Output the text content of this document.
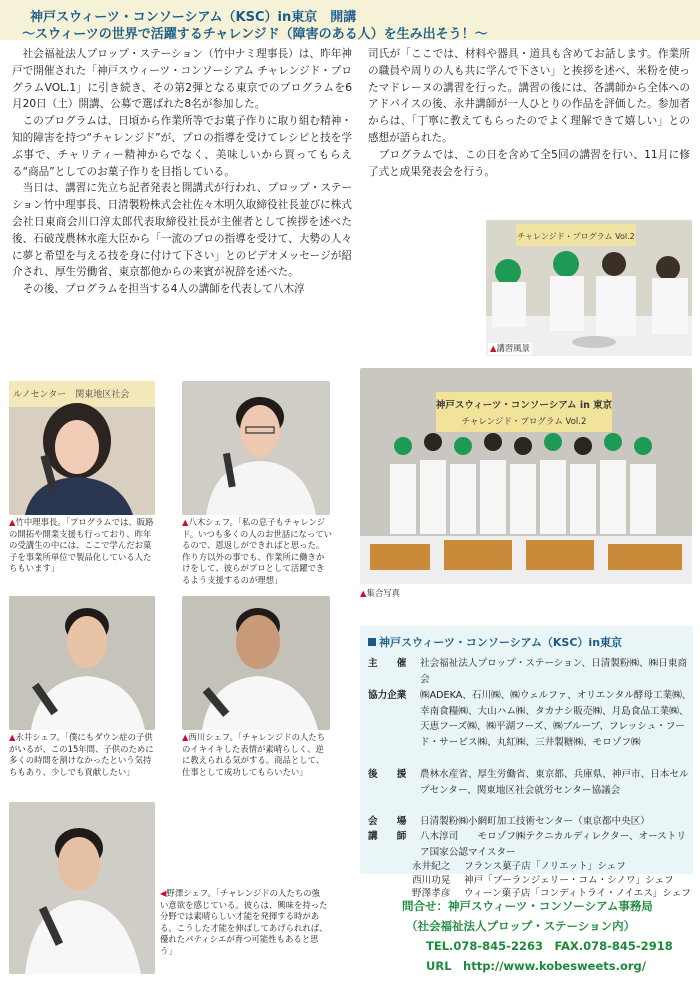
神戸スウィーツ・コンソーシアム（KSC）in東京　開講
～スウィーツの世界で活躍するチャレンジド（障害のある人）を生み出そう！～

　社会福祉法人プロップ・ステーション（竹中ナミ理事長）は、昨年神戸で開催された「神戸スウィーツ・コンソーシアム チャレンジド・プログラムVOL.1」に引き続き、その第2弾となる東京でのプログラムを6月20日（土）開講、公募で選ばれた8名が参加した。

　このプログラムは、日頃から作業所等でお菓子作りに取り組む精神・知的障害を持つ“チャレンジド”が、プロの指導を受けてレシピと技を学ぶ事で、チャリティー精神からでなく、美味しいから買ってもらえる“商品”としてのお菓子作りを目指している。

　当日は、講習に先立ち記者発表と開講式が行われ、プロップ・ステーション竹中理事長、日清製粉株式会社佐々木明久取締役社長並びに株式会社日東商会川口淳太郎代表取締役社長が主催者として挨拶を述べた後、石破茂農林水産大臣から「一流のプロの指導を受けて、大勢の人々に夢と希望を与える技を身に付けて下さい」とのビデオメッセージが紹介され、厚生労働省、東京都他からの来賓が祝辞を述べた。

　その後、プログラムを担当する4人の講師を代表して八木淳

司氏が「ここでは、材料や器具・道具も含めてお話します。作業所の職員や周りの人も共に学んで下さい」と挨拶を述べ、米粉を使ったマドレーヌの講習を行った。講習の後には、各講師から全体へのアドバイスの後、永井講師が一人ひとりの作品を評価した。参加者からは、「丁寧に教えてもらったのでよく理解できて嬉しい」との感想が語られた。

　プログラムでは、この日を含めて全5回の講習を行い、11月に修了式と成果発表会を行う。

チャレンジド・プログラム Vol.2
▲講習風景
ルノセンター　関東地区社会
▲竹中理事長。「プログラムでは、販路の開拓や開業支援も行っており、昨年の受講生の中には、ここで学んだお菓子を事業所単位で製品化している人たちもいます」
▲八木シェフ。「私の息子もチャレンジド。いつも多くの人のお世話になっているので、恩返しができればと思った。作り方以外の事でも、作業所に働きかけをして、彼らがプロとして活躍できるよう支援するのが理想」
神戸スウィーツ・コンソーシアム in 東京
チャレンジド・プログラム Vol.2
▲集合写真
▲永井シェフ。「僕にもダウン症の子供がいるが、この15年間、子供のために多くの時間を割けなかったという気持ちもあり、少しでも貢献したい」
▲西川シェフ。「チャレンジドの人たちのイキイキした表情が素晴らしく、逆に教えられる気がする。商品として、仕事として成功してもらいたい」
◀野澤シェフ。「チャレンジドの人たちの強い意欲を感じている。彼らは、興味を持った分野では素晴らしい才能を発揮する時がある。こうした才能を伸ばしてあげられれば、優れたパティシエが育つ可能性もあると思う」
神戸スウィーツ・コンソーシアム（KSC）in東京
主　　催	社会福祉法人プロップ・ステーション、日清製粉㈱、㈱日東商会
協力企業	㈱ADEKA、石川㈱、㈱ウェルファ、オリエンタル酵母工業㈱、幸南食糧㈱、大山ハム㈱、タカナシ販売㈱、月島食品工業㈱、天恵フーズ㈱、㈱平湖フーズ、㈱ブルーブ、フレッシュ・フード・サービス㈱、丸紅㈱、三井製糖㈱、モロゾフ㈱
後　　援	農林水産省、厚生労働省、東京都、兵庫県、神戸市、日本セルプセンター、関東地区社会就労センター協議会
会　　場	日清製粉㈱小網町加工技術センター（東京都中央区）
講　　師	八木淳司　　モロゾフ㈱テクニカルディレクター、オーストリア国家公認マイスター
永井紀之 フランス菓子店「ノリエット」シェフ
西川功晃 神戸「ブーランジェリー・コム・シノワ」シェフ
野澤孝彦 ウィーン菓子店「コンディトライ・ノイエス」シェフ
問合せ：神戸スウィーツ・コンソーシアム事務局
（社会福祉法人プロップ・ステーション内）
TEL.078-845-2263　FAX.078-845-2918
URL　http://www.kobesweets.org/
